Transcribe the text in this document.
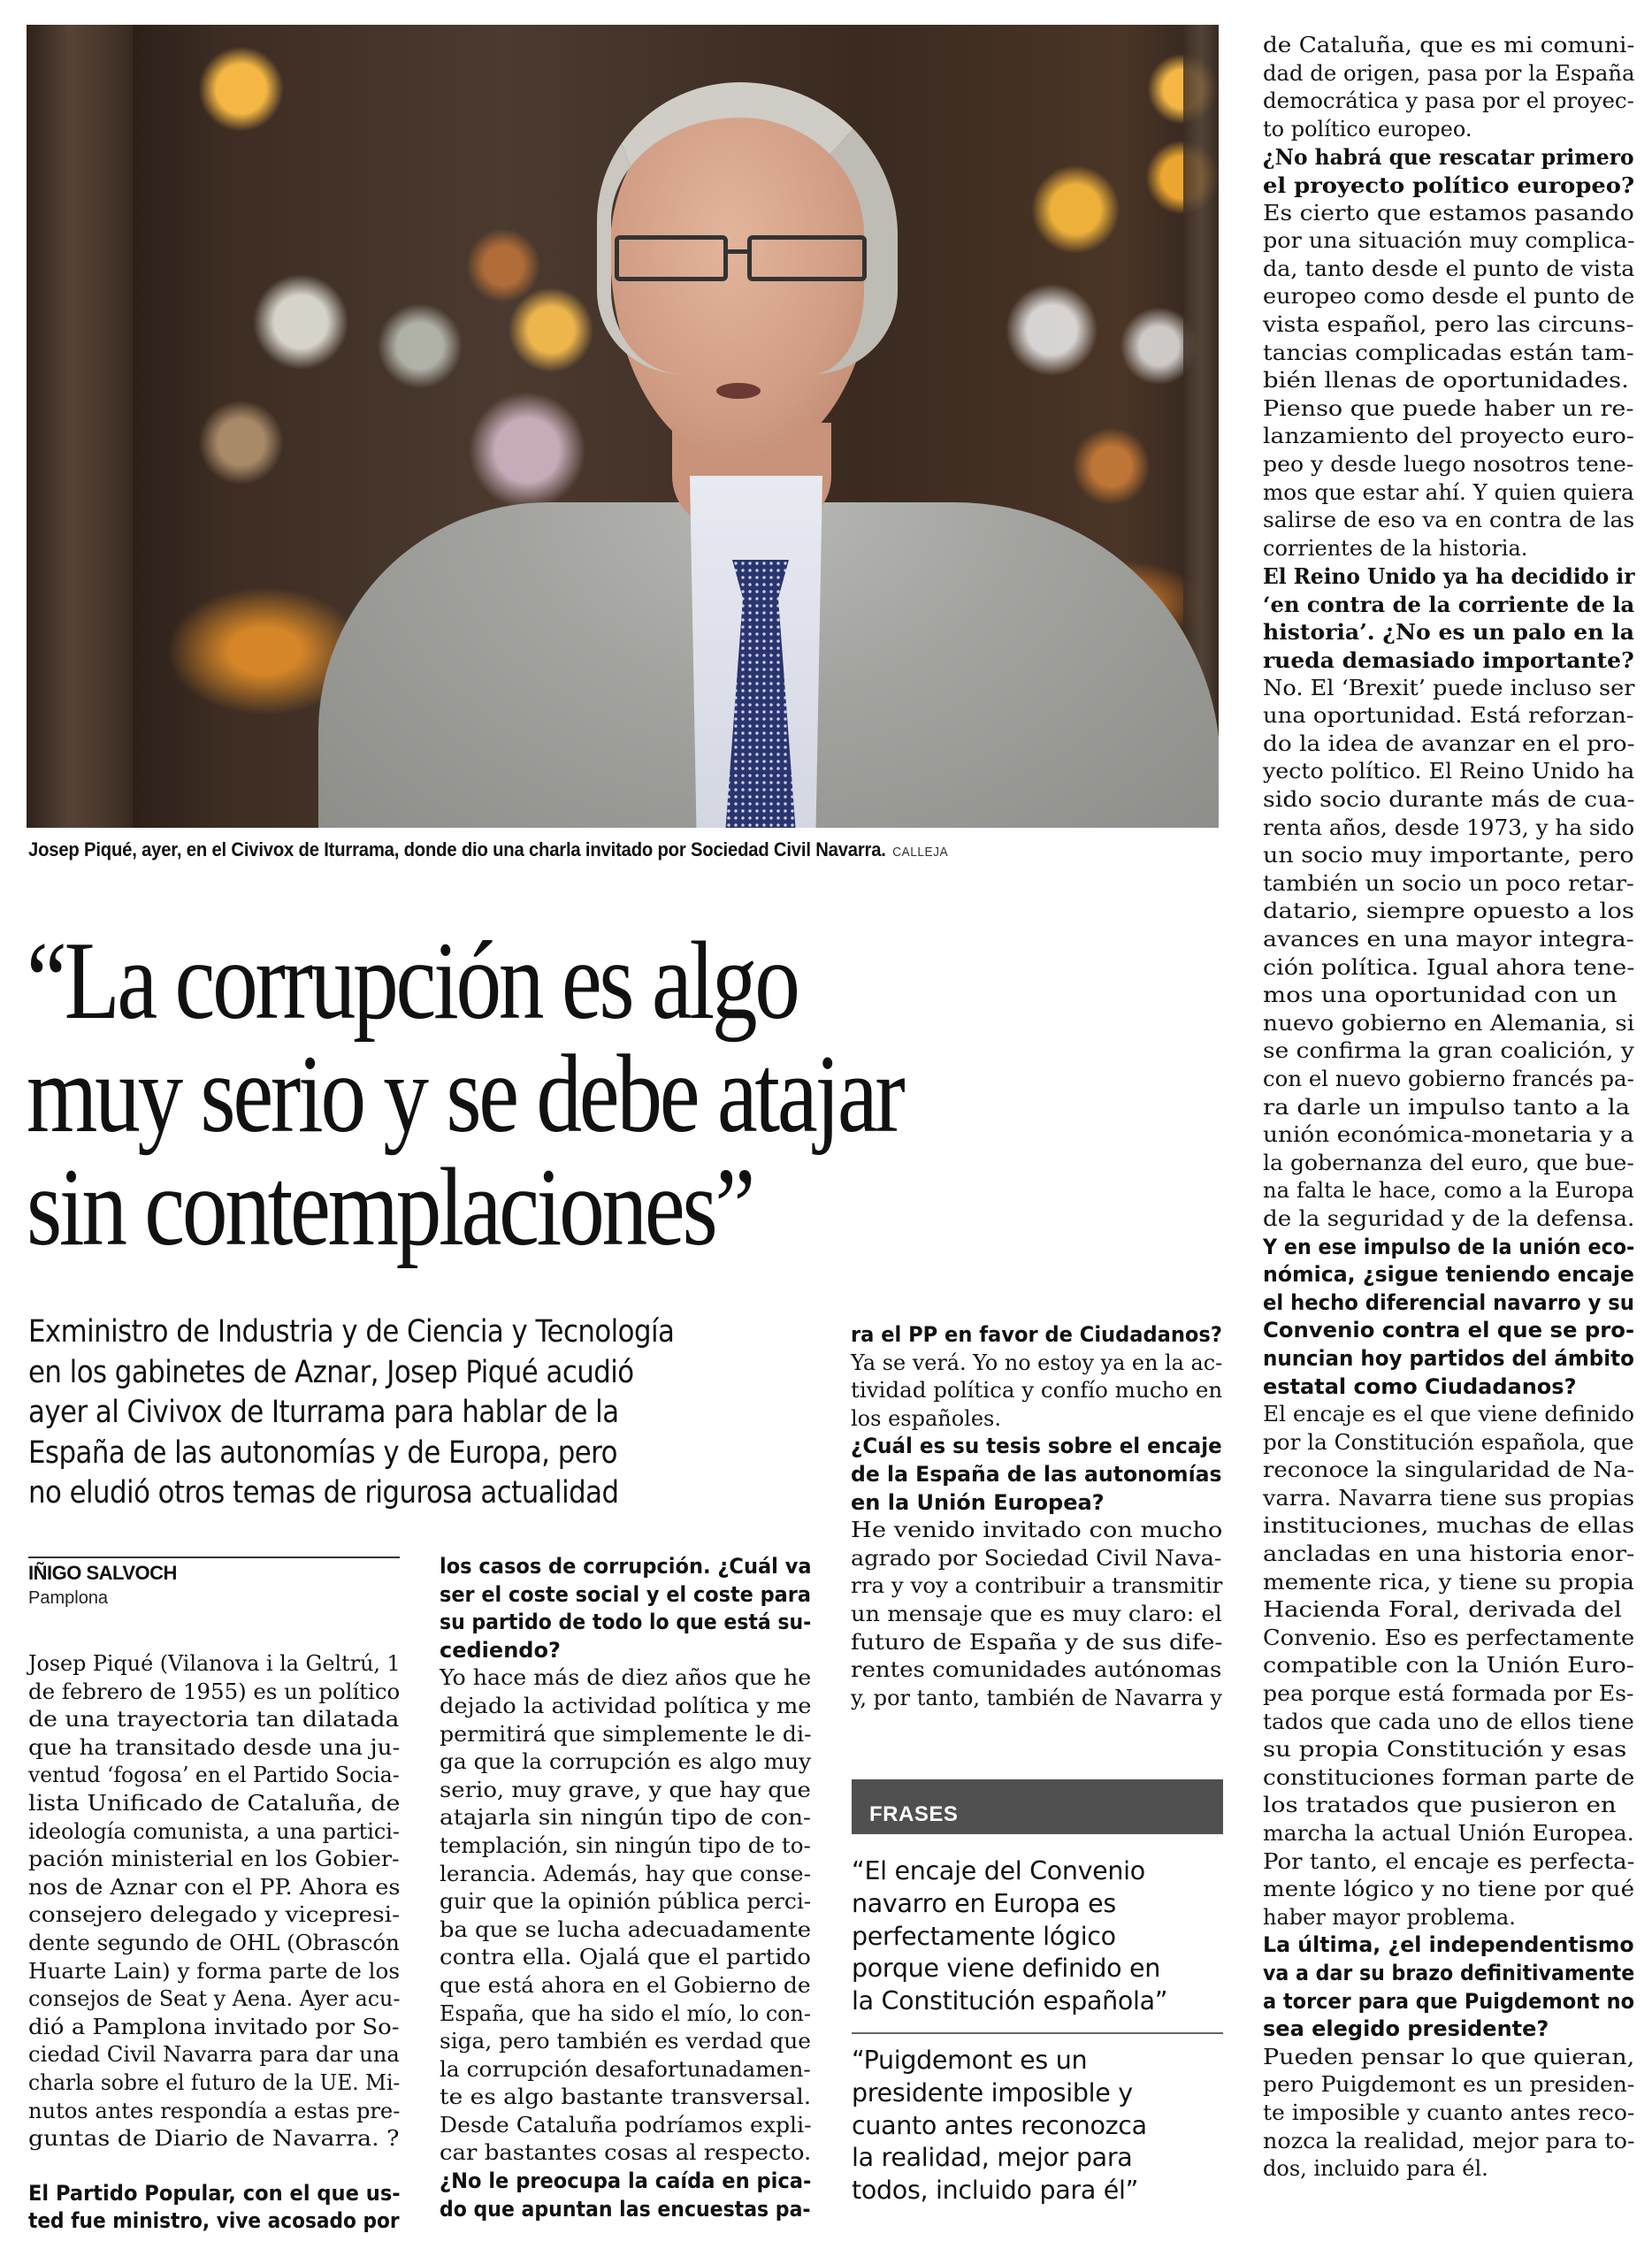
Josep Piqué, ayer, en el Civivox de Iturrama, donde dio una charla invitado por Sociedad Civil Navarra. CALLEJA
“La corrupción es algo
muy serio y se debe atajar
sin contemplaciones”
Exministro de Industria y de Ciencia y Tecnología
en los gabinetes de Aznar, Josep Piqué acudió
ayer al Civivox de Iturrama para hablar de la
España de las autonomías y de Europa, pero
no eludió otros temas de rigurosa actualidad
IÑIGO SALVOCH
Pamplona
Josep Piqué (Vilanova i la Geltrú, 1
de febrero de 1955) es un político
de una trayectoria tan dilatada
que ha transitado desde una ju-
ventud ‘fogosa’ en el Partido Socia-
lista Unificado de Cataluña, de
ideología comunista, a una partici-
pación ministerial en los Gobier-
nos de Aznar con el PP. Ahora es
consejero delegado y vicepresi-
dente segundo de OHL (Obrascón
Huarte Lain) y forma parte de los
consejos de Seat y Aena. Ayer acu-
dió a Pamplona invitado por So-
ciedad Civil Navarra para dar una
charla sobre el futuro de la UE. Mi-
nutos antes respondía a estas pre-
guntas de Diario de Navarra. ?
El Partido Popular, con el que us-
ted fue ministro, vive acosado por
los casos de corrupción. ¿Cuál va
ser el coste social y el coste para
su partido de todo lo que está su-
cediendo?
Yo hace más de diez años que he
dejado la actividad política y me
permitirá que simplemente le di-
ga que la corrupción es algo muy
serio, muy grave, y que hay que
atajarla sin ningún tipo de con-
templación, sin ningún tipo de to-
lerancia. Además, hay que conse-
guir que la opinión pública perci-
ba que se lucha adecuadamente
contra ella. Ojalá que el partido
que está ahora en el Gobierno de
España, que ha sido el mío, lo con-
siga, pero también es verdad que
la corrupción desafortunadamen-
te es algo bastante transversal.
Desde Cataluña podríamos expli-
car bastantes cosas al respecto.
¿No le preocupa la caída en pica-
do que apuntan las encuestas pa-
ra el PP en favor de Ciudadanos?
Ya se verá. Yo no estoy ya en la ac-
tividad política y confío mucho en
los españoles.
¿Cuál es su tesis sobre el encaje
de la España de las autonomías
en la Unión Europea?
He venido invitado con mucho
agrado por Sociedad Civil Nava-
rra y voy a contribuir a transmitir
un mensaje que es muy claro: el
futuro de España y de sus dife-
rentes comunidades autónomas
y, por tanto, también de Navarra y
de Cataluña, que es mi comuni-
dad de origen, pasa por la España
democrática y pasa por el proyec-
to político europeo.
¿No habrá que rescatar primero
el proyecto político europeo?
Es cierto que estamos pasando
por una situación muy complica-
da, tanto desde el punto de vista
europeo como desde el punto de
vista español, pero las circuns-
tancias complicadas están tam-
bién llenas de oportunidades.
Pienso que puede haber un re-
lanzamiento del proyecto euro-
peo y desde luego nosotros tene-
mos que estar ahí. Y quien quiera
salirse de eso va en contra de las
corrientes de la historia.
El Reino Unido ya ha decidido ir
‘en contra de la corriente de la
historia’. ¿No es un palo en la
rueda demasiado importante?
No. El ‘Brexit’ puede incluso ser
una oportunidad. Está reforzan-
do la idea de avanzar en el pro-
yecto político. El Reino Unido ha
sido socio durante más de cua-
renta años, desde 1973, y ha sido
un socio muy importante, pero
también un socio un poco retar-
datario, siempre opuesto a los
avances en una mayor integra-
ción política. Igual ahora tene-
mos una oportunidad con un
nuevo gobierno en Alemania, si
se confirma la gran coalición, y
con el nuevo gobierno francés pa-
ra darle un impulso tanto a la
unión económica-monetaria y a
la gobernanza del euro, que bue-
na falta le hace, como a la Europa
de la seguridad y de la defensa.
Y en ese impulso de la unión eco-
nómica, ¿sigue teniendo encaje
el hecho diferencial navarro y su
Convenio contra el que se pro-
nuncian hoy partidos del ámbito
estatal como Ciudadanos?
El encaje es el que viene definido
por la Constitución española, que
reconoce la singularidad de Na-
varra. Navarra tiene sus propias
instituciones, muchas de ellas
ancladas en una historia enor-
memente rica, y tiene su propia
Hacienda Foral, derivada del
Convenio. Eso es perfectamente
compatible con la Unión Euro-
pea porque está formada por Es-
tados que cada uno de ellos tiene
su propia Constitución y esas
constituciones forman parte de
los tratados que pusieron en
marcha la actual Unión Europea.
Por tanto, el encaje es perfecta-
mente lógico y no tiene por qué
haber mayor problema.
La última, ¿el independentismo
va a dar su brazo definitivamente
a torcer para que Puigdemont no
sea elegido presidente?
Pueden pensar lo que quieran,
pero Puigdemont es un presiden-
te imposible y cuanto antes reco-
nozca la realidad, mejor para to-
dos, incluido para él.
FRASES
“El encaje del Convenio
navarro en Europa es
perfectamente lógico
porque viene definido en
la Constitución española”
“Puigdemont es un
presidente imposible y
cuanto antes reconozca
la realidad, mejor para
todos, incluido para él”
